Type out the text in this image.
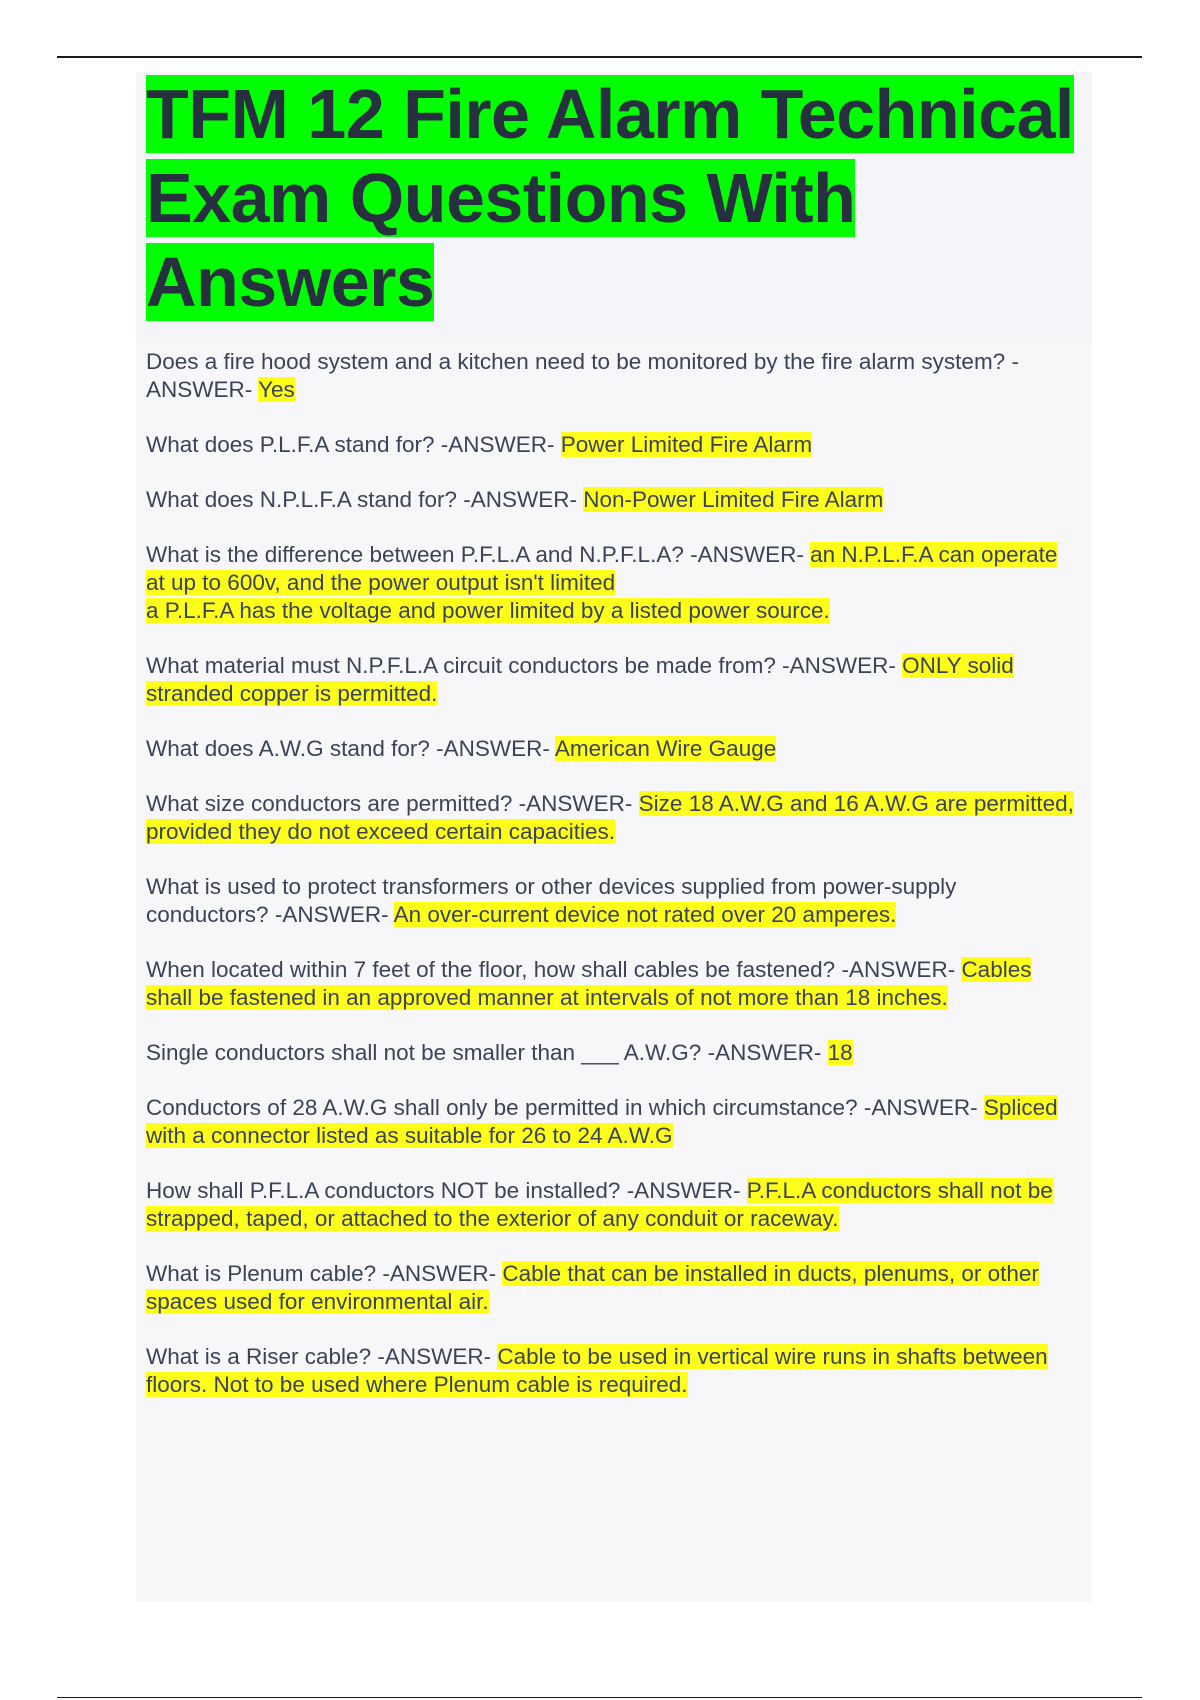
TFM 12 Fire Alarm Technical Exam Questions With Answers

Does a fire hood system and a kitchen need to be monitored by the fire alarm system? -ANSWER- Yes

What does P.L.F.A stand for? -ANSWER- Power Limited Fire Alarm

What does N.P.L.F.A stand for? -ANSWER- Non-Power Limited Fire Alarm

What is the difference between P.F.L.A and N.P.F.L.A? -ANSWER- an N.P.L.F.A can operate at up to 600v, and the power output isn't limited
a P.L.F.A has the voltage and power limited by a listed power source.

What material must N.P.F.L.A circuit conductors be made from? -ANSWER- ONLY solid stranded copper is permitted.

What does A.W.G stand for? -ANSWER- American Wire Gauge

What size conductors are permitted? -ANSWER- Size 18 A.W.G and 16 A.W.G are permitted, provided they do not exceed certain capacities.

What is used to protect transformers or other devices supplied from power-supply conductors? -ANSWER- An over-current device not rated over 20 amperes.

When located within 7 feet of the floor, how shall cables be fastened? -ANSWER- Cables shall be fastened in an approved manner at intervals of not more than 18 inches.

Single conductors shall not be smaller than ___ A.W.G? -ANSWER- 18

Conductors of 28 A.W.G shall only be permitted in which circumstance? -ANSWER- Spliced with a connector listed as suitable for 26 to 24 A.W.G

How shall P.F.L.A conductors NOT be installed? -ANSWER- P.F.L.A conductors shall not be strapped, taped, or attached to the exterior of any conduit or raceway.

What is Plenum cable? -ANSWER- Cable that can be installed in ducts, plenums, or other spaces used for environmental air.

What is a Riser cable? -ANSWER- Cable to be used in vertical wire runs in shafts between floors. Not to be used where Plenum cable is required.
